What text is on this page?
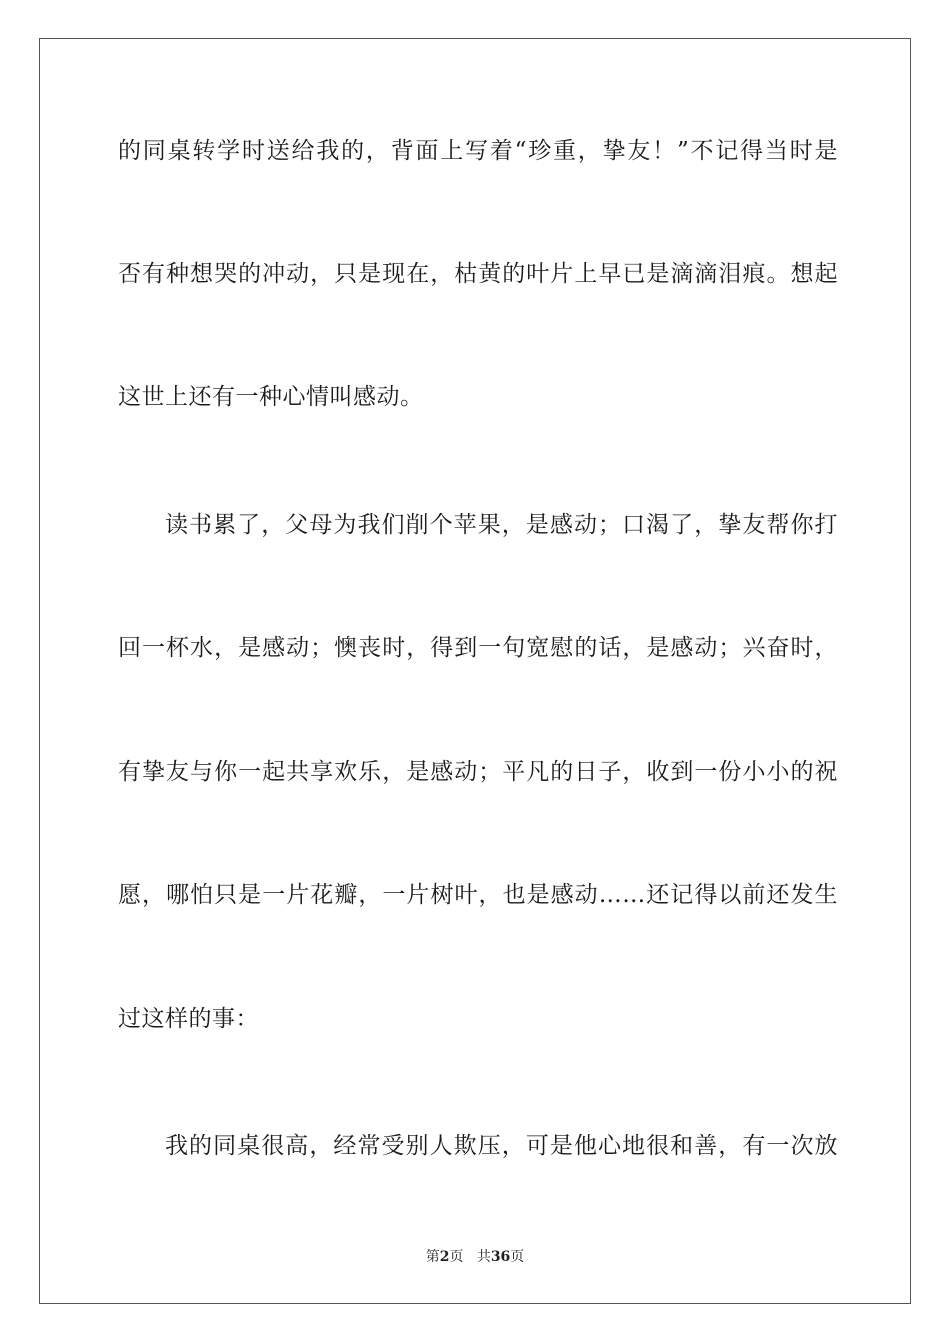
的同桌转学时送给我的，背面上写着“珍重，挚友！”不记得当时是
否有种想哭的冲动，只是现在，枯黄的叶片上早已是滴滴泪痕。想起
这世上还有一种心情叫感动。
读书累了，父母为我们削个苹果，是感动；口渴了，挚友帮你打
回一杯水，是感动；懊丧时，得到一句宽慰的话，是感动；兴奋时，
有挚友与你一起共享欢乐，是感动；平凡的日子，收到一份小小的祝
愿，哪怕只是一片花瓣，一片树叶，也是感动……还记得以前还发生
过这样的事：
我的同桌很高，经常受别人欺压，可是他心地很和善，有一次放
第2页 共36页
